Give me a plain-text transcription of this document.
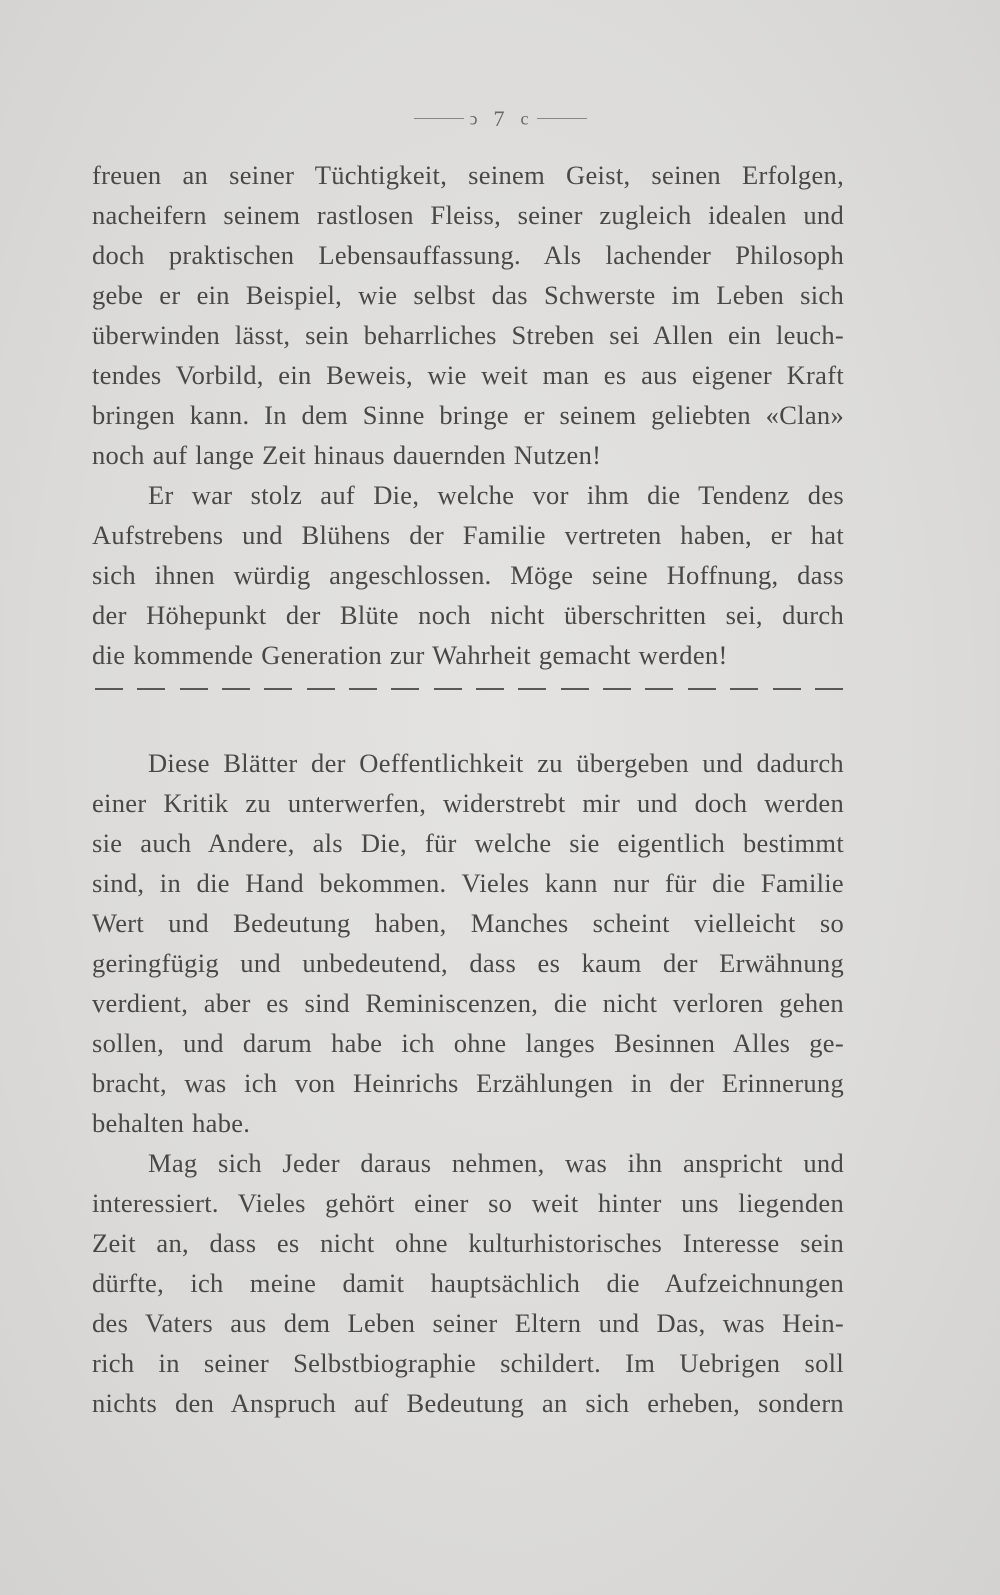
ↄ 7 c
freuen an seiner Tüchtigkeit, seinem Geist, seinen Erfolgen,
nacheifern seinem rastlosen Fleiss, seiner zugleich idealen und
doch praktischen Lebensauffassung. Als lachender Philosoph
gebe er ein Beispiel, wie selbst das Schwerste im Leben sich
überwinden lässt, sein beharrliches Streben sei Allen ein leuch-
tendes Vorbild, ein Beweis, wie weit man es aus eigener Kraft
bringen kann. In dem Sinne bringe er seinem geliebten «Clan»
noch auf lange Zeit hinaus dauernden Nutzen!
Er war stolz auf Die, welche vor ihm die Tendenz des
Aufstrebens und Blühens der Familie vertreten haben, er hat
sich ihnen würdig angeschlossen. Möge seine Hoffnung, dass
der Höhepunkt der Blüte noch nicht überschritten sei, durch
die kommende Generation zur Wahrheit gemacht werden!
Diese Blätter der Oeffentlichkeit zu übergeben und dadurch
einer Kritik zu unterwerfen, widerstrebt mir und doch werden
sie auch Andere, als Die, für welche sie eigentlich bestimmt
sind, in die Hand bekommen. Vieles kann nur für die Familie
Wert und Bedeutung haben, Manches scheint vielleicht so
geringfügig und unbedeutend, dass es kaum der Erwähnung
verdient, aber es sind Reminiscenzen, die nicht verloren gehen
sollen, und darum habe ich ohne langes Besinnen Alles ge-
bracht, was ich von Heinrichs Erzählungen in der Erinnerung
behalten habe.
Mag sich Jeder daraus nehmen, was ihn anspricht und
interessiert. Vieles gehört einer so weit hinter uns liegenden
Zeit an, dass es nicht ohne kulturhistorisches Interesse sein
dürfte, ich meine damit hauptsächlich die Aufzeichnungen
des Vaters aus dem Leben seiner Eltern und Das, was Hein-
rich in seiner Selbstbiographie schildert. Im Uebrigen soll
nichts den Anspruch auf Bedeutung an sich erheben, sondern
